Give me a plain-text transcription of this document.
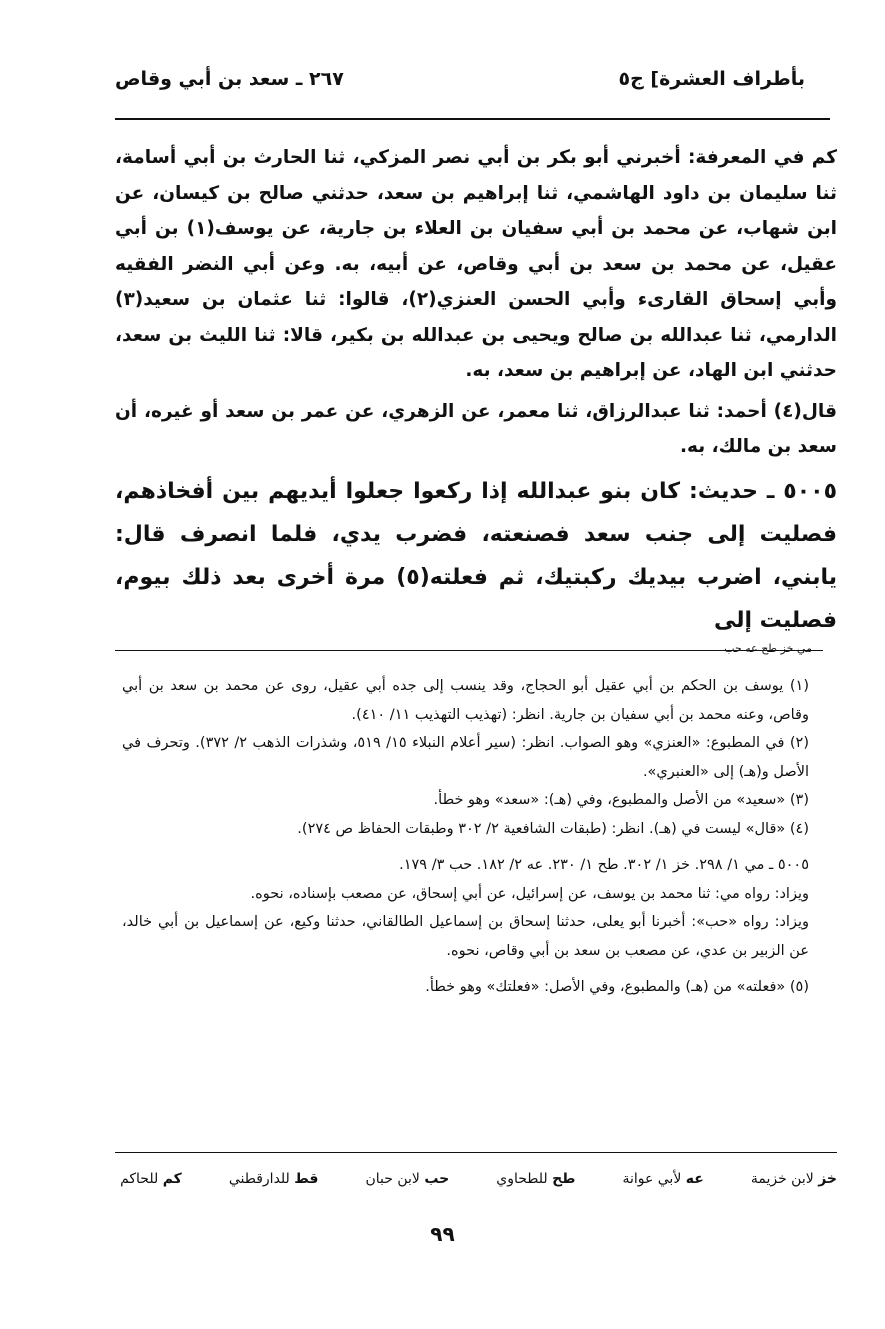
بأطراف العشرة] ج٥
٢٦٧ ـ سعد بن أبي وقاص

كم في المعرفة: أخبرني أبو بكر بن أبي نصر المزكي، ثنا الحارث بن أبي أسامة، ثنا سليمان بن داود الهاشمي، ثنا إبراهيم بن سعد، حدثني صالح بن كيسان، عن ابن شهاب، عن محمد بن أبي سفيان بن العلاء بن جارية، عن يوسف(١) بن أبي عقيل، عن محمد بن سعد بن أبي وقاص، عن أبيه، به. وعن أبي النضر الفقيه وأبي إسحاق القارىء وأبي الحسن العنزي(٢)، قالوا: ثنا عثمان بن سعيد(٣) الدارمي، ثنا عبدالله بن صالح ويحيى بن عبدالله بن بكير، قالا: ثنا الليث بن سعد، حدثني ابن الهاد، عن إبراهيم بن سعد، به.

قال(٤) أحمد: ثنا عبدالرزاق، ثنا معمر، عن الزهري، عن عمر بن سعد أو غيره، أن سعد بن مالك، به.

٥٠٠٥ ـ حديث: كان بنو عبدالله إذا ركعوا جعلوا أيديهم بين أفخاذهم، فصليت إلى جنب سعد فصنعته، فضرب يدي، فلما انصرف قال: يابني، اضرب بيديك ركبتيك، ثم فعلته(٥) مرة أخرى بعد ذلك بيوم، فصليت إلى

مي خز طح عه حب

(١) يوسف بن الحكم بن أبي عقيل أبو الحجاج، وقد ينسب إلى جده أبي عقيل، روى عن محمد بن سعد بن أبي وقاص، وعنه محمد بن أبي سفيان بن جارية. انظر: (تهذيب التهذيب ١١/ ٤١٠).

(٢) في المطبوع: «العنزي» وهو الصواب. انظر: (سير أعلام النبلاء ١٥/ ٥١٩، وشذرات الذهب ٢/ ٣٧٢). وتحرف في الأصل و(هـ) إلى «العنبري».

(٣) «سعيد» من الأصل والمطبوع، وفي (هـ): «سعد» وهو خطأ.

(٤) «قال» ليست في (هـ). انظر: (طبقات الشافعية ٢/ ٣٠٢ وطبقات الحفاظ ص ٢٧٤).

٥٠٠٥ ـ مي ١/ ٢٩٨. خز ١/ ٣٠٢. طح ١/ ٢٣٠. عه ٢/ ١٨٢. حب ٣/ ١٧٩.

ويزاد: رواه مي: ثنا محمد بن يوسف، عن إسرائيل، عن أبي إسحاق، عن مصعب بإسناده، نحوه.

ويزاد: رواه «حب»: أخبرنا أبو يعلى، حدثنا إسحاق بن إسماعيل الطالقاني، حدثنا وكيع، عن إسماعيل بن أبي خالد، عن الزبير بن عدي، عن مصعب بن سعد بن أبي وقاص، نحوه.

(٥) «فعلته» من (هـ) والمطبوع، وفي الأصل: «فعلتك» وهو خطأ.

خز لابن خزيمة
عه لأبي عوانة
طح للطحاوي
حب لابن حبان
قط للدارقطني
كم للحاكم
٩٩
